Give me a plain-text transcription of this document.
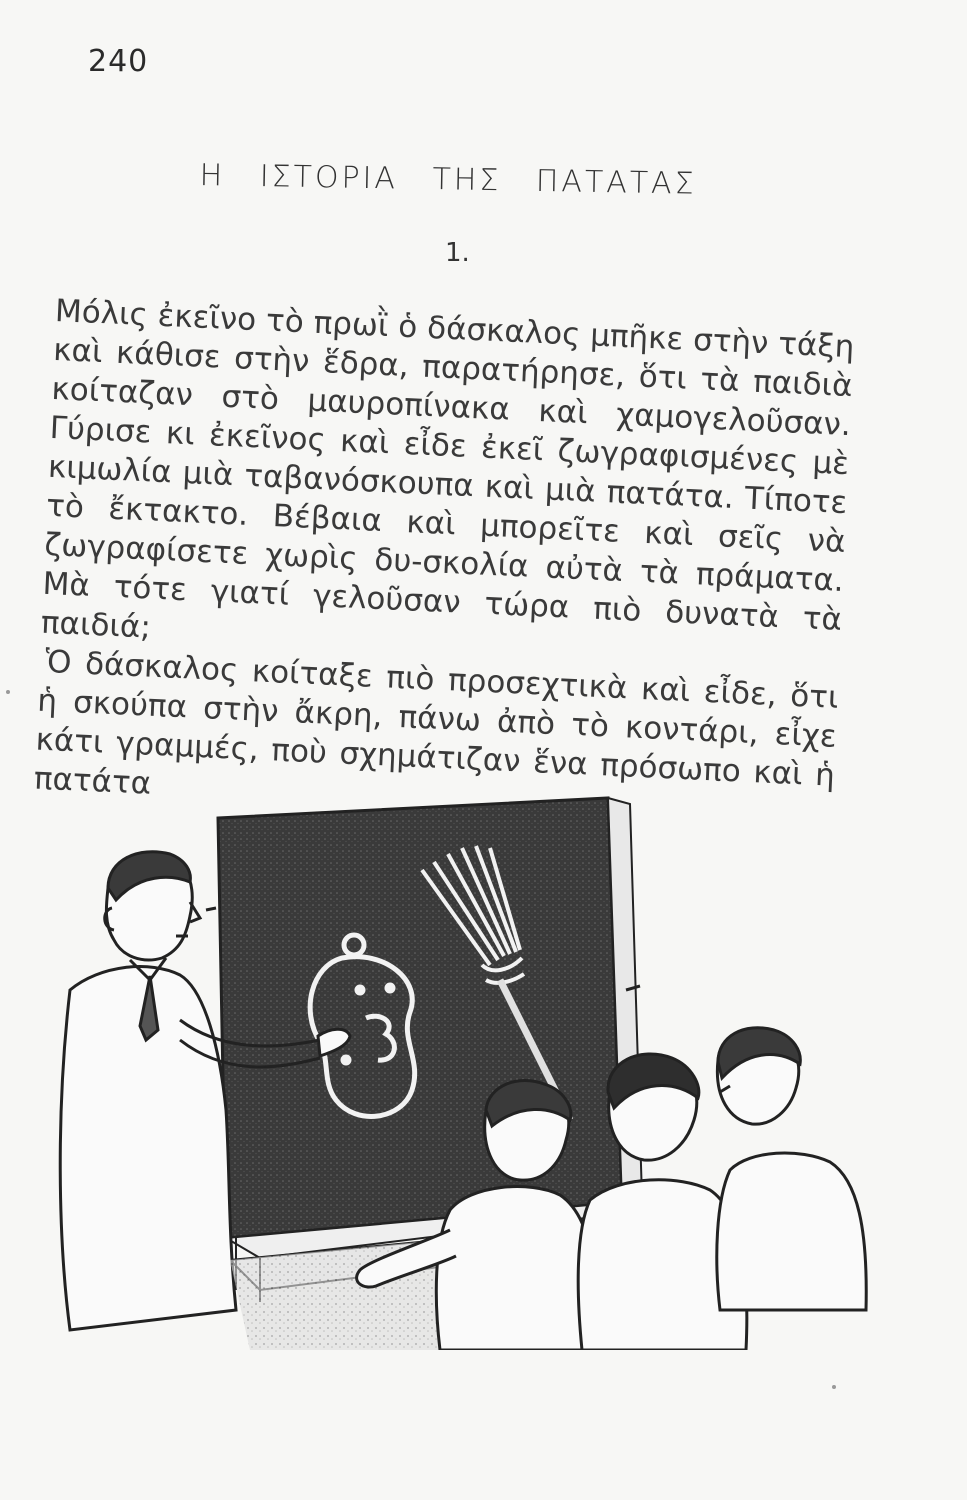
240
Η ΙΣΤΟΡΙΑ ΤΗΣ ΠΑΤΑΤΑΣ
1.

Μόλις ἐκεῖνο τὸ πρωῒ ὁ δάσκαλος μπῆκε στὴν τάξη καὶ κάθισε στὴν ἕδρα, παρατήρησε, ὅτι τὰ παιδιὰ κοίταζαν στὸ μαυροπίνακα καὶ χαμογελοῦσαν. Γύρισε κι ἐκεῖνος καὶ εἶδε ἐκεῖ ζωγραφισμένες μὲ κιμωλία μιὰ ταβανόσκουπα καὶ μιὰ πατάτα. Τίποτε τὸ ἔκτακτο. Βέβαια καὶ μπορεῖτε καὶ σεῖς νὰ ζωγραφίσετε χωρὶς δυ-σκολία αὐτὰ τὰ πράματα. Μὰ τότε γιατί γελοῦσαν τώρα πιὸ δυνατὰ τὰ παιδιά;

Ὁ δάσκαλος κοίταξε πιὸ προσεχτικὰ καὶ εἶδε, ὅτι ἡ σκούπα στὴν ἄκρη, πάνω ἀπὸ τὸ κοντάρι, εἶχε κάτι γραμμές, ποὺ σχημάτιζαν ἕνα πρόσωπο καὶ ἡ πατάτα
